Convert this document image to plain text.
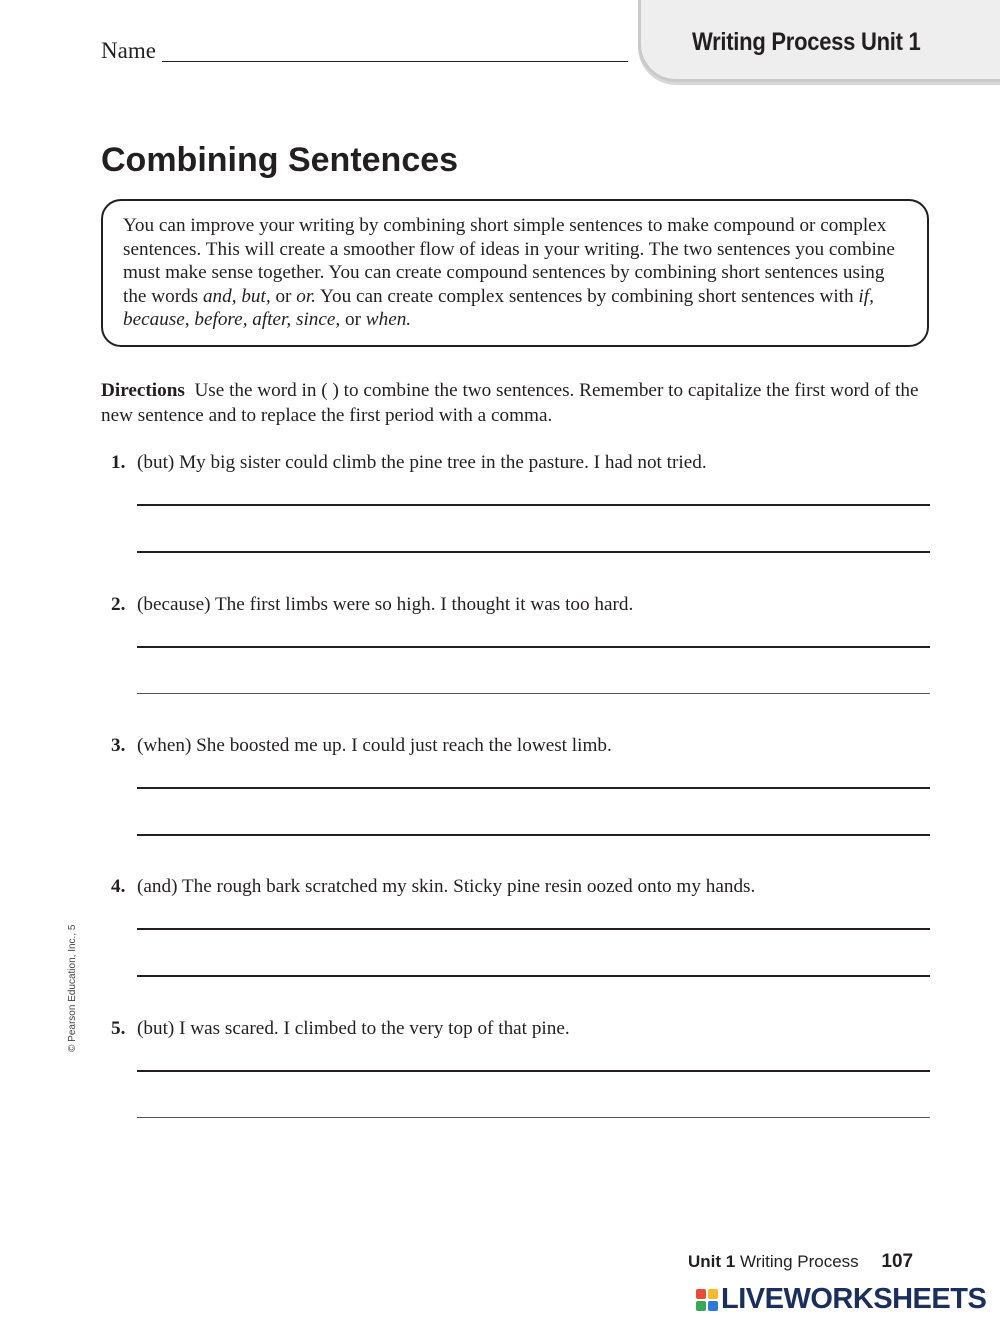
Name	Writing Process Unit 1
Combining Sentences

You can improve your writing by combining short simple sentences to make compound or complex sentences. This will create a smoother flow of ideas in your writing. The two sentences you combine must make sense together. You can create compound sentences by combining short sentences using the words and, but, or or. You can create complex sentences by combining short sentences with if, because, before, after, since, or when.

Directions Use the word in ( ) to combine the two sentences. Remember to capitalize the first word of the new sentence and to replace the first period with a comma.

1. (but) My big sister could climb the pine tree in the pasture. I had not tried.
2. (because) The first limbs were so high. I thought it was too hard.
3. (when) She boosted me up. I could just reach the lowest limb.
4. (and) The rough bark scratched my skin. Sticky pine resin oozed onto my hands.
5. (but) I was scared. I climbed to the very top of that pine.
© Pearson Education, Inc., 5
Unit 1 Writing Process 107
LIVEWORKSHEETS
